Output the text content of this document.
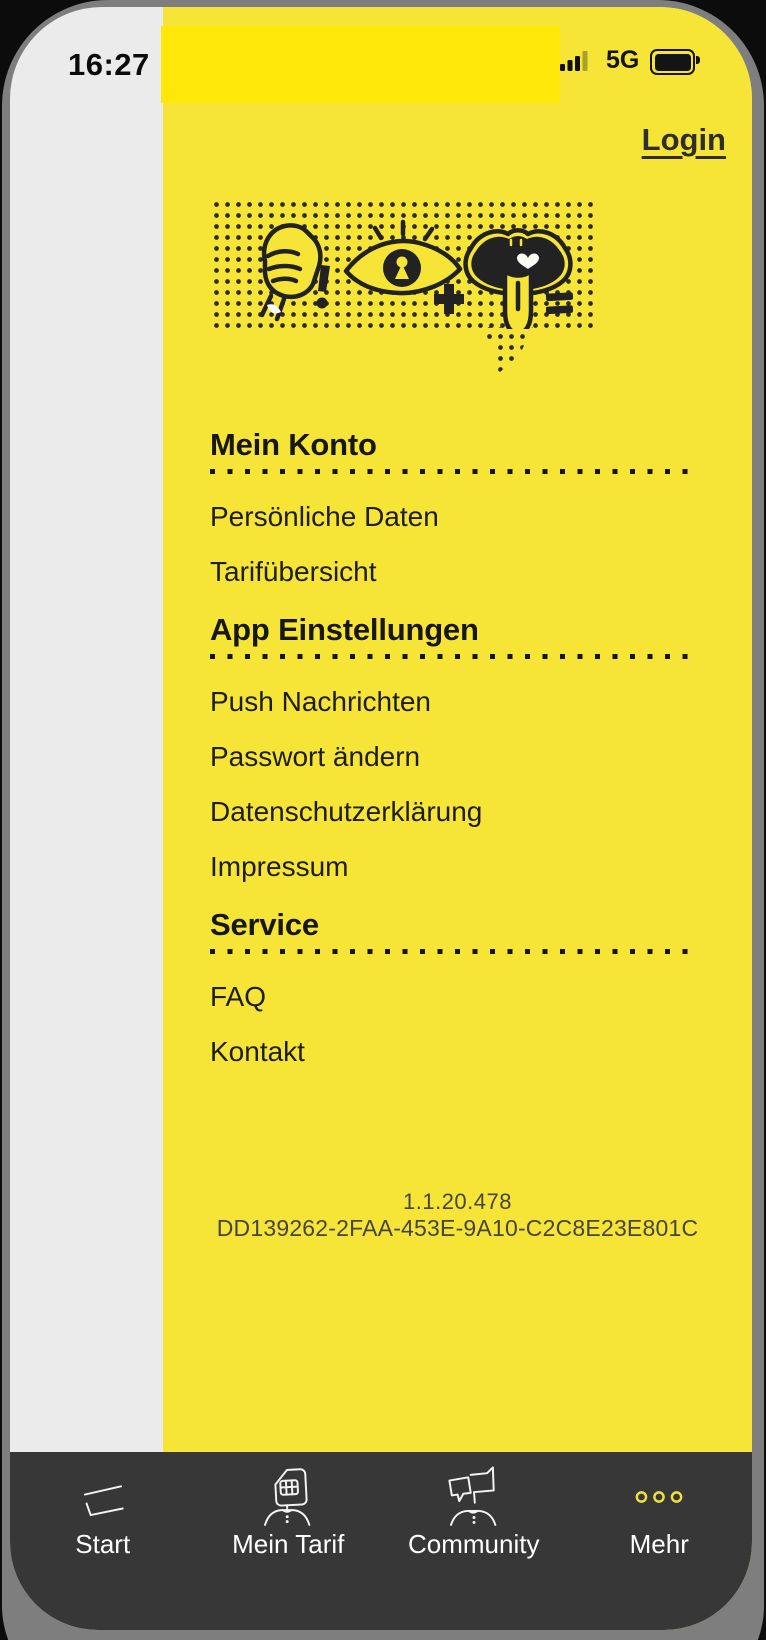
16:27	5G
Login
Mein Konto
Persönliche Daten
Tarifübersicht
App Einstellungen
Push Nachrichten
Passwort ändern
Datenschutzerklärung
Impressum
Service
FAQ
Kontakt
1.1.20.478
DD139262-2FAA-453E-9A10-C2C8E23E801C
Start	Mein Tarif Community	Mehr
